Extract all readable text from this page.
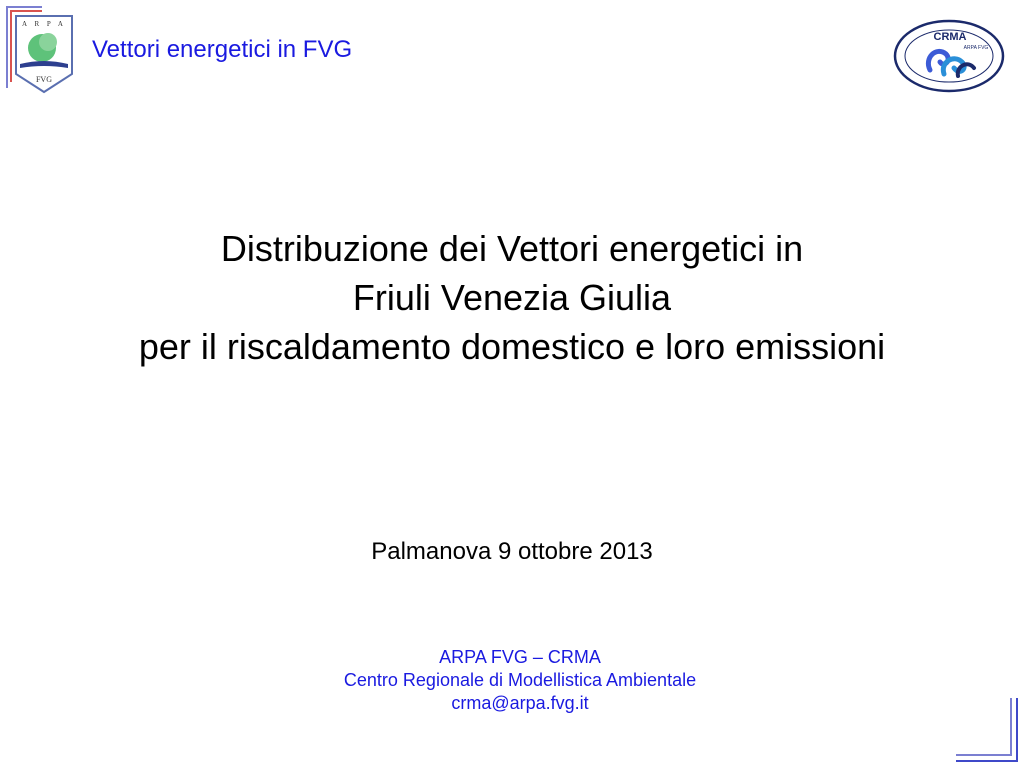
A R P A
FVG
Vettori energetici in FVG	CRMA
ARPA FVG
Distribuzione dei Vettori energetici in
Friuli Venezia Giulia
per il riscaldamento domestico e loro emissioni
Palmanova 9 ottobre 2013
ARPA FVG – CRMA
Centro Regionale di Modellistica Ambientale
crma@arpa.fvg.it
